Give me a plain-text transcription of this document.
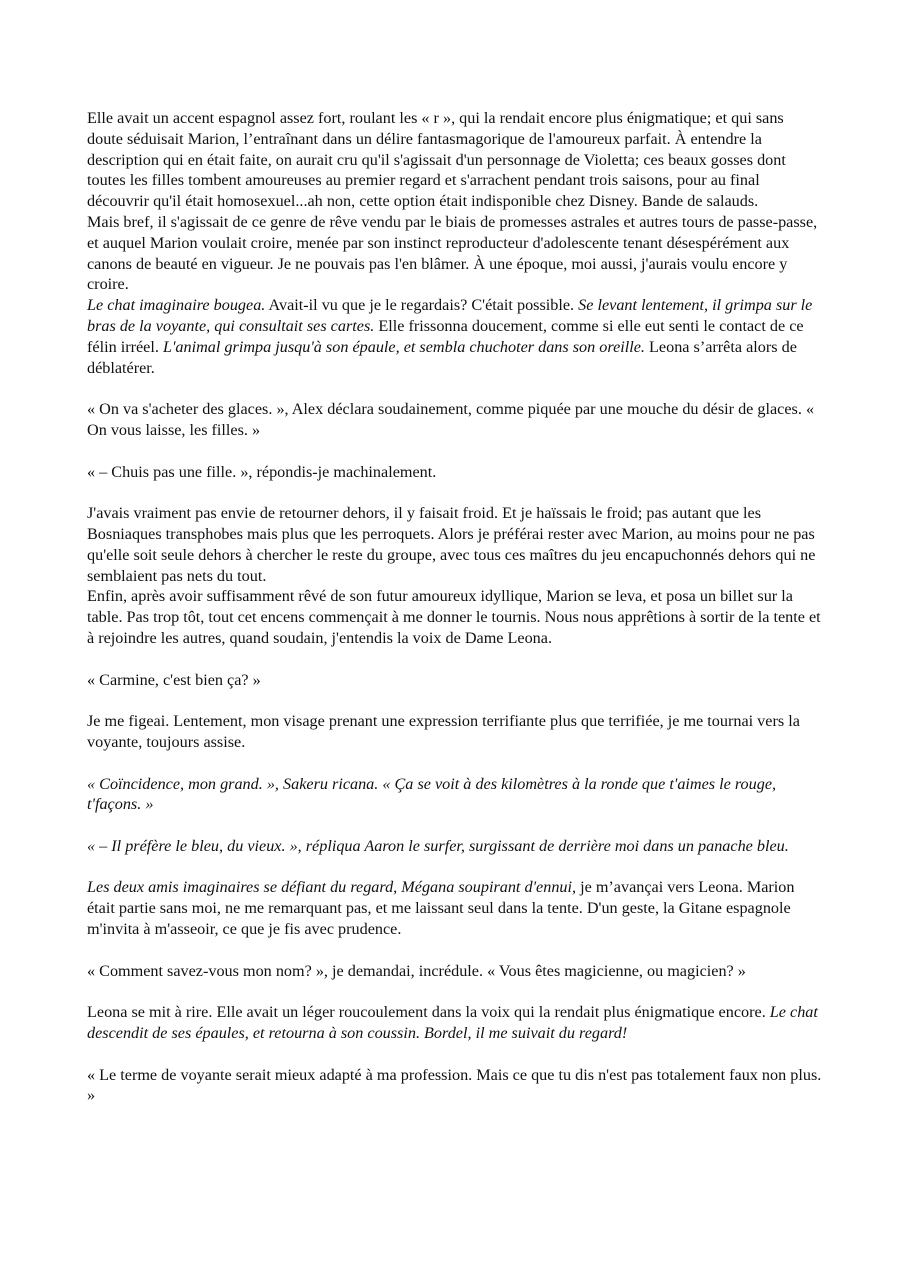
Elle avait un accent espagnol assez fort, roulant les « r », qui la rendait encore plus énigmatique; et qui sans doute séduisait Marion, l’entraînant dans un délire fantasmagorique de l'amoureux parfait. À entendre la description qui en était faite, on aurait cru qu'il s'agissait d'un personnage de Violetta; ces beaux gosses dont toutes les filles tombent amoureuses au premier regard et s'arrachent pendant trois saisons, pour au final découvrir qu'il était homosexuel...ah non, cette option était indisponible chez Disney. Bande de salauds.

Mais bref, il s'agissait de ce genre de rêve vendu par le biais de promesses astrales et autres tours de passe-passe, et auquel Marion voulait croire, menée par son instinct reproducteur d'adolescente tenant désespérément aux canons de beauté en vigueur. Je ne pouvais pas l'en blâmer. À une époque, moi aussi, j'aurais voulu encore y croire.

Le chat imaginaire bougea. Avait-il vu que je le regardais? C'était possible. Se levant lentement, il grimpa sur le bras de la voyante, qui consultait ses cartes. Elle frissonna doucement, comme si elle eut senti le contact de ce félin irréel. L'animal grimpa jusqu'à son épaule, et sembla chuchoter dans son oreille. Leona s’arrêta alors de déblatérer.

« On va s'acheter des glaces. », Alex déclara soudainement, comme piquée par une mouche du désir de glaces. « On vous laisse, les filles. »

« – Chuis pas une fille. », répondis-je machinalement.

J'avais vraiment pas envie de retourner dehors, il y faisait froid. Et je haïssais le froid; pas autant que les Bosniaques transphobes mais plus que les perroquets. Alors je préférai rester avec Marion, au moins pour ne pas qu'elle soit seule dehors à chercher le reste du groupe, avec tous ces maîtres du jeu encapuchonnés dehors qui ne semblaient pas nets du tout.

Enfin, après avoir suffisamment rêvé de son futur amoureux idyllique, Marion se leva, et posa un billet sur la table. Pas trop tôt, tout cet encens commençait à me donner le tournis. Nous nous apprêtions à sortir de la tente et à rejoindre les autres, quand soudain, j'entendis la voix de Dame Leona.

« Carmine, c'est bien ça? »

Je me figeai. Lentement, mon visage prenant une expression terrifiante plus que terrifiée, je me tournai vers la voyante, toujours assise.

« Coïncidence, mon grand. », Sakeru ricana. « Ça se voit à des kilomètres à la ronde que t'aimes le rouge, t'façons. »

« – Il préfère le bleu, du vieux. », répliqua Aaron le surfer, surgissant de derrière moi dans un panache bleu.

Les deux amis imaginaires se défiant du regard, Mégana soupirant d'ennui, je m’avançai vers Leona. Marion était partie sans moi, ne me remarquant pas, et me laissant seul dans la tente. D'un geste, la Gitane espagnole m'invita à m'asseoir, ce que je fis avec prudence.

« Comment savez-vous mon nom? », je demandai, incrédule. « Vous êtes magicienne, ou magicien? »

Leona se mit à rire. Elle avait un léger roucoulement dans la voix qui la rendait plus énigmatique encore. Le chat descendit de ses épaules, et retourna à son coussin. Bordel, il me suivait du regard!

« Le terme de voyante serait mieux adapté à ma profession. Mais ce que tu dis n'est pas totalement faux non plus. »
